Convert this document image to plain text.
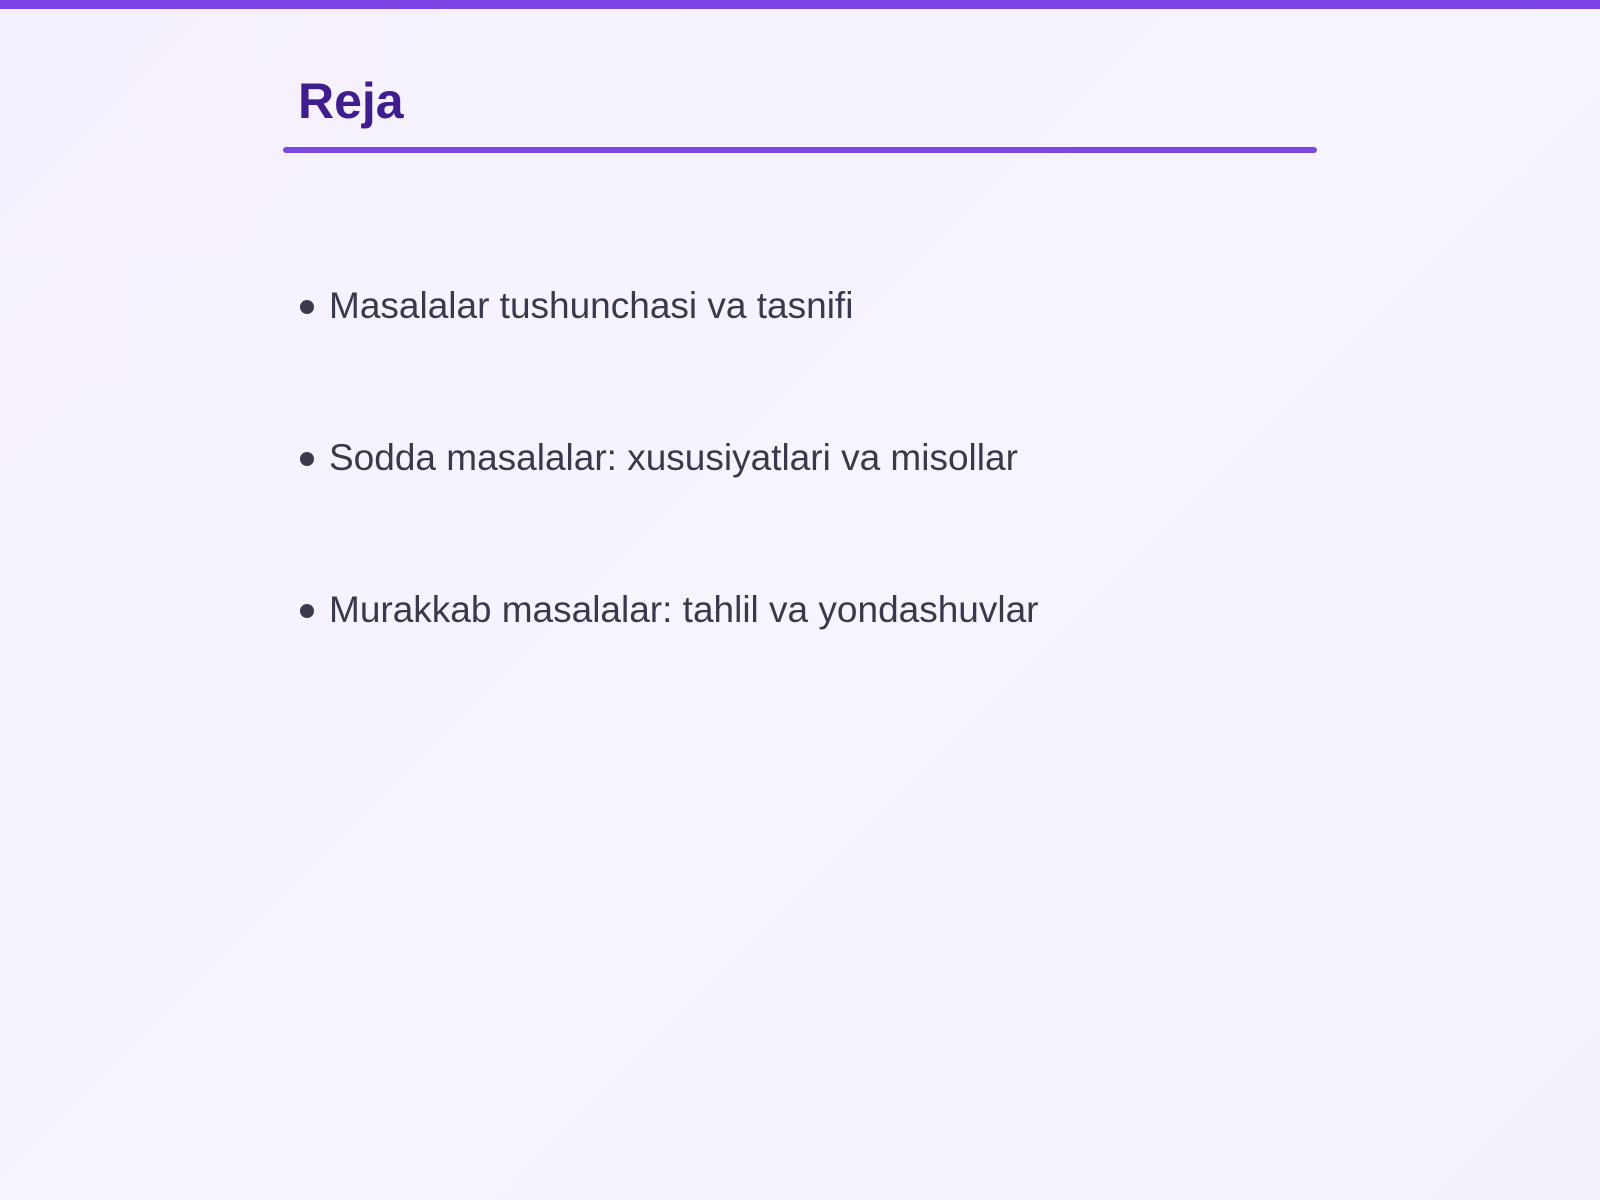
Reja
Masalalar tushunchasi va tasnifi
Sodda masalalar: xususiyatlari va misollar
Murakkab masalalar: tahlil va yondashuvlar
